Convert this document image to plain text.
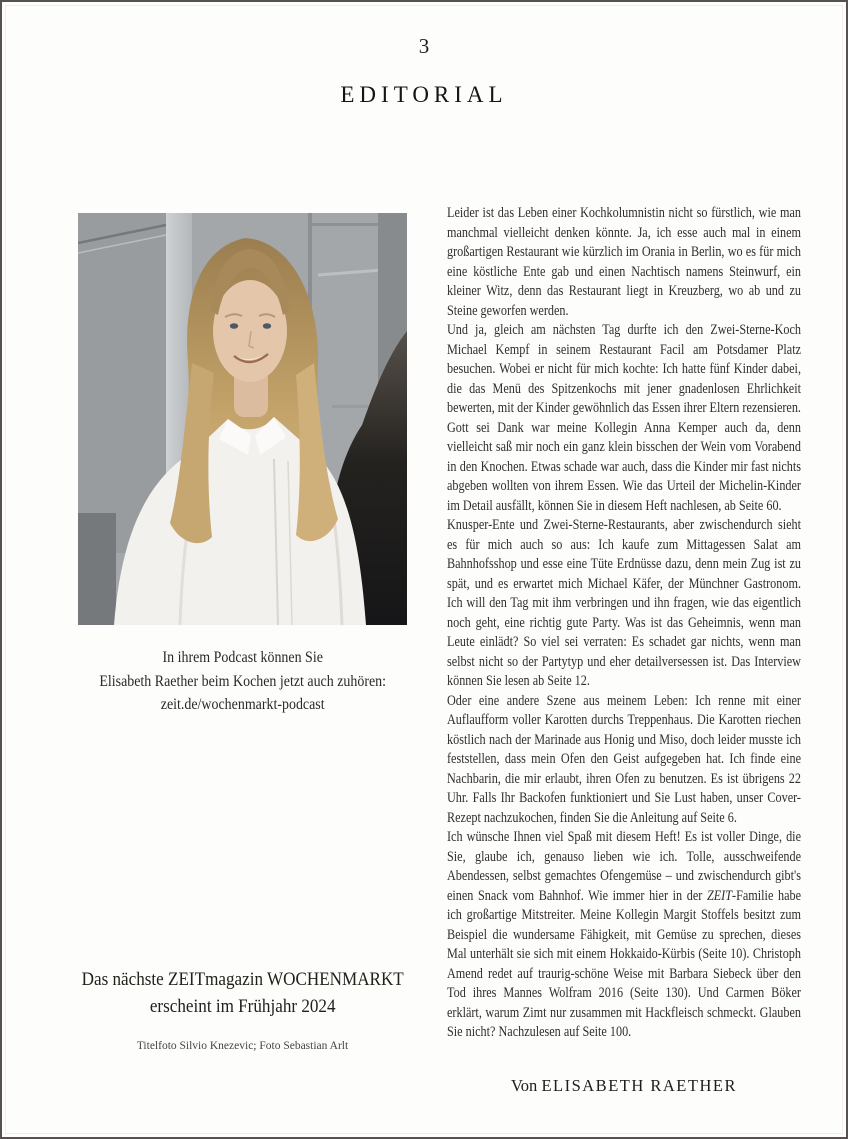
3
EDITORIAL
In ihrem Podcast können Sie
Elisabeth Raether beim Kochen jetzt auch zuhören:
zeit.de/wochenmarkt-podcast
Das nächste ZEITmagazin WOCHENMARKT
erscheint im Frühjahr 2024
Titelfoto Silvio Knezevic; Foto Sebastian Arlt

Leider ist das Leben einer Kochkolumnistin nicht so fürstlich, wie man manchmal vielleicht denken könnte. Ja, ich esse auch mal in einem großartigen Restaurant wie kürzlich im Orania in Berlin, wo es für mich eine köstliche Ente gab und einen Nachtisch namens Steinwurf, ein kleiner Witz, denn das Restaurant liegt in Kreuzberg, wo ab und zu Steine geworfen werden.

Und ja, gleich am nächsten Tag durfte ich den Zwei-Sterne-Koch Michael Kempf in seinem Restaurant Facil am Potsdamer Platz besuchen. Wobei er nicht für mich kochte: Ich hatte fünf Kinder dabei, die das Menü des Spitzenkochs mit jener gnadenlosen Ehrlichkeit bewerten, mit der Kinder gewöhnlich das Essen ihrer Eltern rezensieren. Gott sei Dank war meine Kollegin Anna Kemper auch da, denn vielleicht saß mir noch ein ganz klein bisschen der Wein vom Vorabend in den Knochen. Etwas schade war auch, dass die Kinder mir fast nichts abgeben wollten von ihrem Essen. Wie das Urteil der Michelin-Kinder im Detail ausfällt, können Sie in diesem Heft nachlesen, ab Seite 60.

Knusper-Ente und Zwei-Sterne-Restaurants, aber zwischendurch sieht es für mich auch so aus: Ich kaufe zum Mittagessen Salat am Bahnhofsshop und esse eine Tüte Erdnüsse dazu, denn mein Zug ist zu spät, und es erwartet mich Michael Käfer, der Münchner Gastronom. Ich will den Tag mit ihm verbringen und ihn fragen, wie das eigentlich noch geht, eine richtig gute Party. Was ist das Geheimnis, wenn man Leute einlädt? So viel sei verraten: Es schadet gar nichts, wenn man selbst nicht so der Partytyp und eher detailversessen ist. Das Interview können Sie lesen ab Seite 12.

Oder eine andere Szene aus meinem Leben: Ich renne mit einer Auflaufform voller Karotten durchs Treppenhaus. Die Karotten riechen köstlich nach der Marinade aus Honig und Miso, doch leider musste ich feststellen, dass mein Ofen den Geist aufgegeben hat. Ich finde eine Nachbarin, die mir erlaubt, ihren Ofen zu benutzen. Es ist übrigens 22 Uhr. Falls Ihr Backofen funktioniert und Sie Lust haben, unser Cover-Rezept nachzukochen, finden Sie die Anleitung auf Seite 6.

Ich wünsche Ihnen viel Spaß mit diesem Heft! Es ist voller Dinge, die Sie, glaube ich, genauso lieben wie ich. Tolle, ausschweifende Abendessen, selbst gemachtes Ofengemüse – und zwischendurch gibt's einen Snack vom Bahnhof. Wie immer hier in der ZEIT-Familie habe ich großartige Mitstreiter. Meine Kollegin Margit Stoffels besitzt zum Beispiel die wundersame Fähigkeit, mit Gemüse zu sprechen, dieses Mal unterhält sie sich mit einem Hokkaido-Kürbis (Seite 10). Christoph Amend redet auf traurig-schöne Weise mit Barbara Siebeck über den Tod ihres Mannes Wolfram 2016 (Seite 130). Und Carmen Böker erklärt, warum Zimt nur zusammen mit Hackfleisch schmeckt. Glauben Sie nicht? Nachzulesen auf Seite 100.

Von ELISABETH RAETHER
